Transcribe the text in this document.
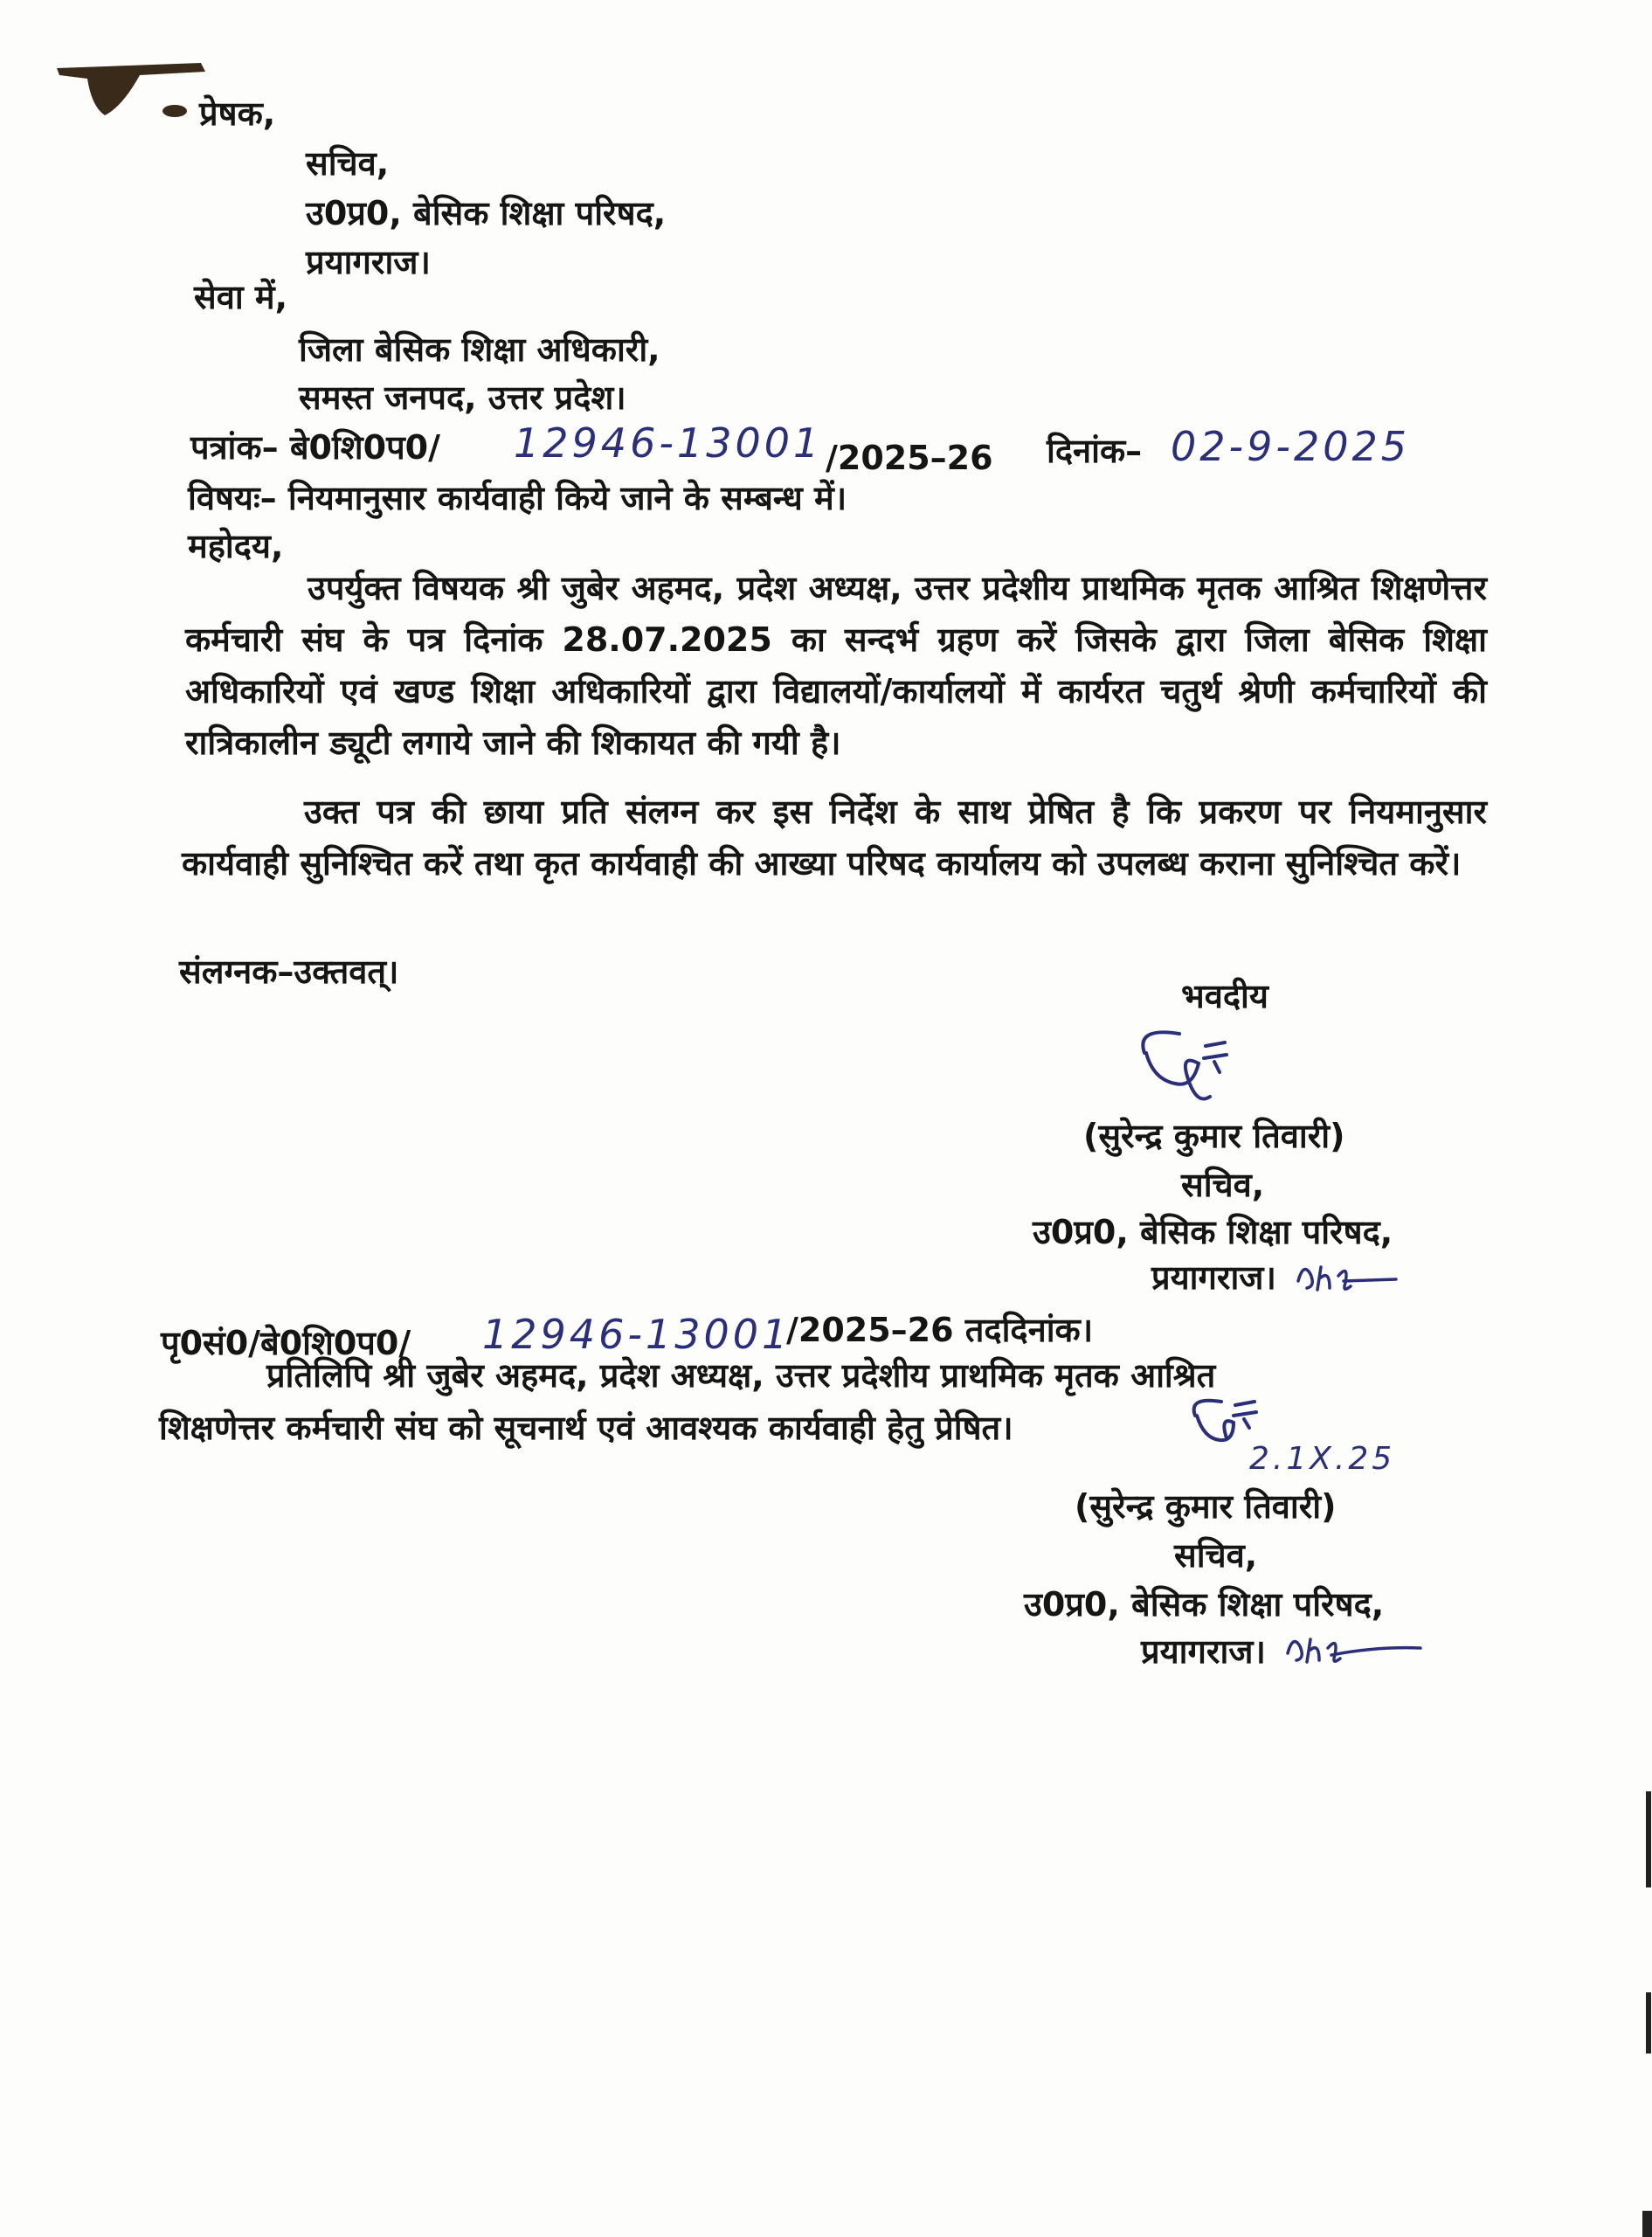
प्रेषक,
सचिव,
उ0प्र0, बेसिक शिक्षा परिषद,
प्रयागराज।
सेवा में,
जिला बेसिक शिक्षा अधिकारी,
समस्त जनपद, उत्तर प्रदेश।
पत्रांक– बे0शि0प0/ 12946-13001 /2025–26 दिनांक– 02-9-2025
विषयः– नियमानुसार कार्यवाही किये जाने के सम्बन्ध में।
महोदय,
उपर्युक्त विषयक श्री जुबेर अहमद, प्रदेश अध्यक्ष, उत्तर प्रदेशीय प्राथमिक मृतक आश्रित शिक्षणेत्तर कर्मचारी संघ के पत्र दिनांक 28.07.2025 का सन्दर्भ ग्रहण करें जिसके द्वारा जिला बेसिक शिक्षा अधिकारियों एवं खण्ड शिक्षा अधिकारियों द्वारा विद्यालयों/कार्यालयों में कार्यरत चतुर्थ श्रेणी कर्मचारियों की रात्रिकालीन ड्यूटी लगाये जाने की शिकायत की गयी है।
उक्त पत्र की छाया प्रति संलग्न कर इस निर्देश के साथ प्रेषित है कि प्रकरण पर नियमानुसार कार्यवाही सुनिश्चित करें तथा कृत कार्यवाही की आख्या परिषद कार्यालय को उपलब्ध कराना सुनिश्चित करें।
संलग्नक–उक्तवत्।
भवदीय
(सुरेन्द्र कुमार तिवारी)
सचिव,
उ0प्र0, बेसिक शिक्षा परिषद,
प्रयागराज।
पृ0सं0/बे0शि0प0/ 12946-13001
/2025–26 तददिनांक।
प्रतिलिपि श्री जुबेर अहमद, प्रदेश अध्यक्ष, उत्तर प्रदेशीय प्राथमिक मृतक आश्रित
शिक्षणेत्तर कर्मचारी संघ को सूचनार्थ एवं आवश्यक कार्यवाही हेतु प्रेषित।
2.1X.25
(सुरेन्द्र कुमार तिवारी)
सचिव,
उ0प्र0, बेसिक शिक्षा परिषद,
प्रयागराज।
